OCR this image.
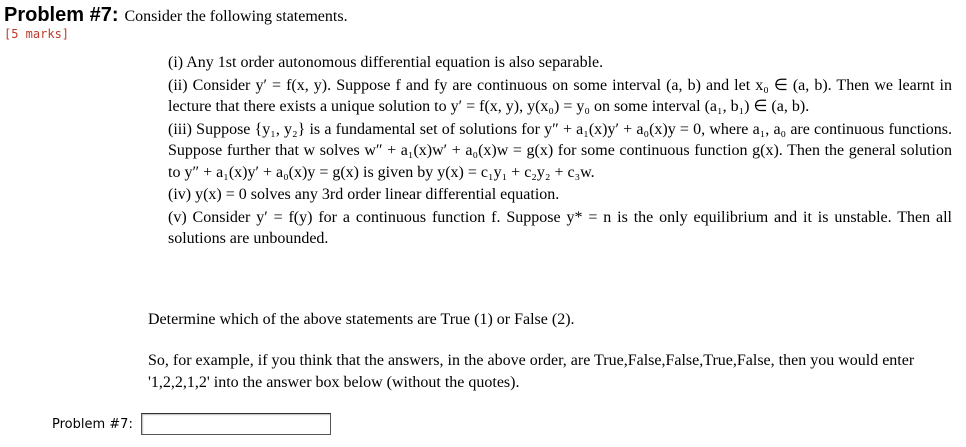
Problem #7: Consider the following statements.
[5 marks]

(i) Any 1st order autonomous differential equation is also separable.

(ii) Consider y′ = f(x, y). Suppose f and fy are continuous on some interval (a, b) and let x₀ ∈ (a, b). Then we learnt in lecture that there exists a unique solution to y′ = f(x, y), y(x₀) = y₀ on some interval (a₁, b₁) ∈ (a, b).

(iii) Suppose {y₁, y₂} is a fundamental set of solutions for y″ + a₁(x)y′ + a₀(x)y = 0, where a₁, a₀ are continuous functions. Suppose further that w solves w″ + a₁(x)w′ + a₀(x)w = g(x) for some continuous function g(x). Then the general solution to y″ + a₁(x)y′ + a₀(x)y = g(x) is given by y(x) = c₁y₁ + c₂y₂ + c₃w.

(iv) y(x) = 0 solves any 3rd order linear differential equation.

(v) Consider y′ = f(y) for a continuous function f. Suppose y* = n is the only equilibrium and it is unstable. Then all solutions are unbounded.

Determine which of the above statements are True (1) or False (2).
So, for example, if you think that the answers, in the above order, are True,False,False,True,False, then you would enter '1,2,2,1,2' into the answer box below (without the quotes).
Problem #7:
